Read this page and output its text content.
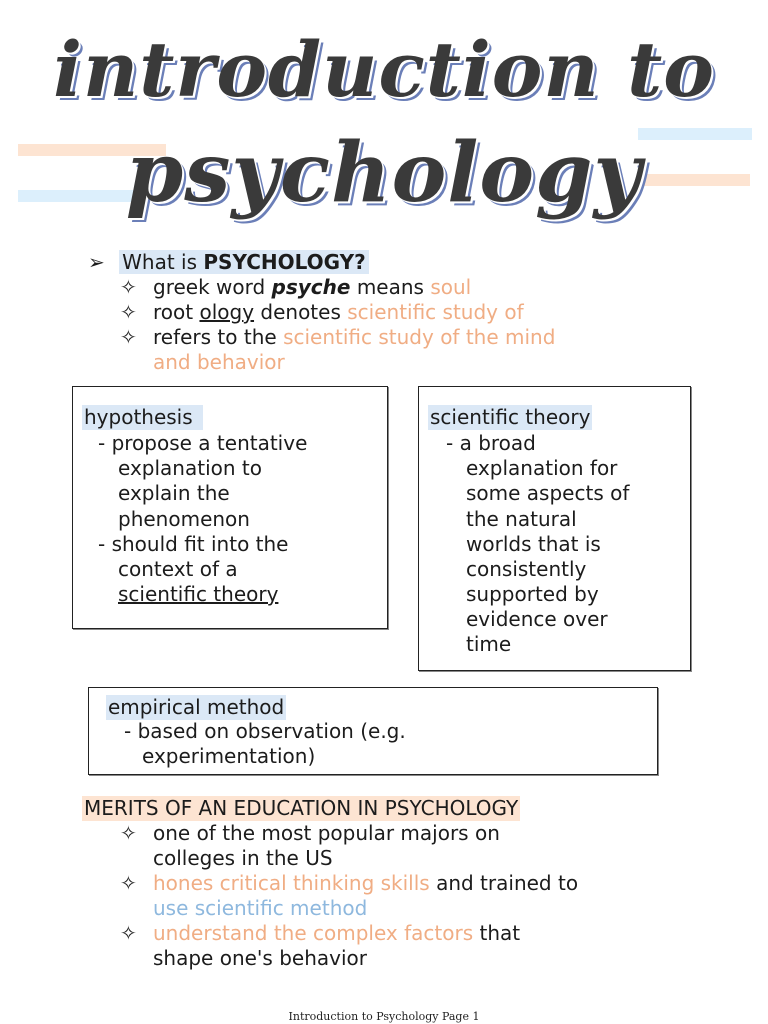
introduction to
psychology
➢ What is PSYCHOLOGY?
✧ greek word psyche means soul
✧ root ology denotes scientific study of
✧ refers to the scientific study of the mind
and behavior
hypothesis
- propose a tentative
explanation to
explain the
phenomenon
- should fit into the
context of a
scientific theory
scientific theory
- a broad
explanation for
some aspects of
the natural
worlds that is
consistently
supported by
evidence over
time
empirical method
- based on observation (e.g.
experimentation)
MERITS OF AN EDUCATION IN PSYCHOLOGY
✧ one of the most popular majors on
colleges in the US
✧ hones critical thinking skills and trained to
use scientific method
✧ understand the complex factors that
shape one's behavior
Introduction to Psychology Page 1
